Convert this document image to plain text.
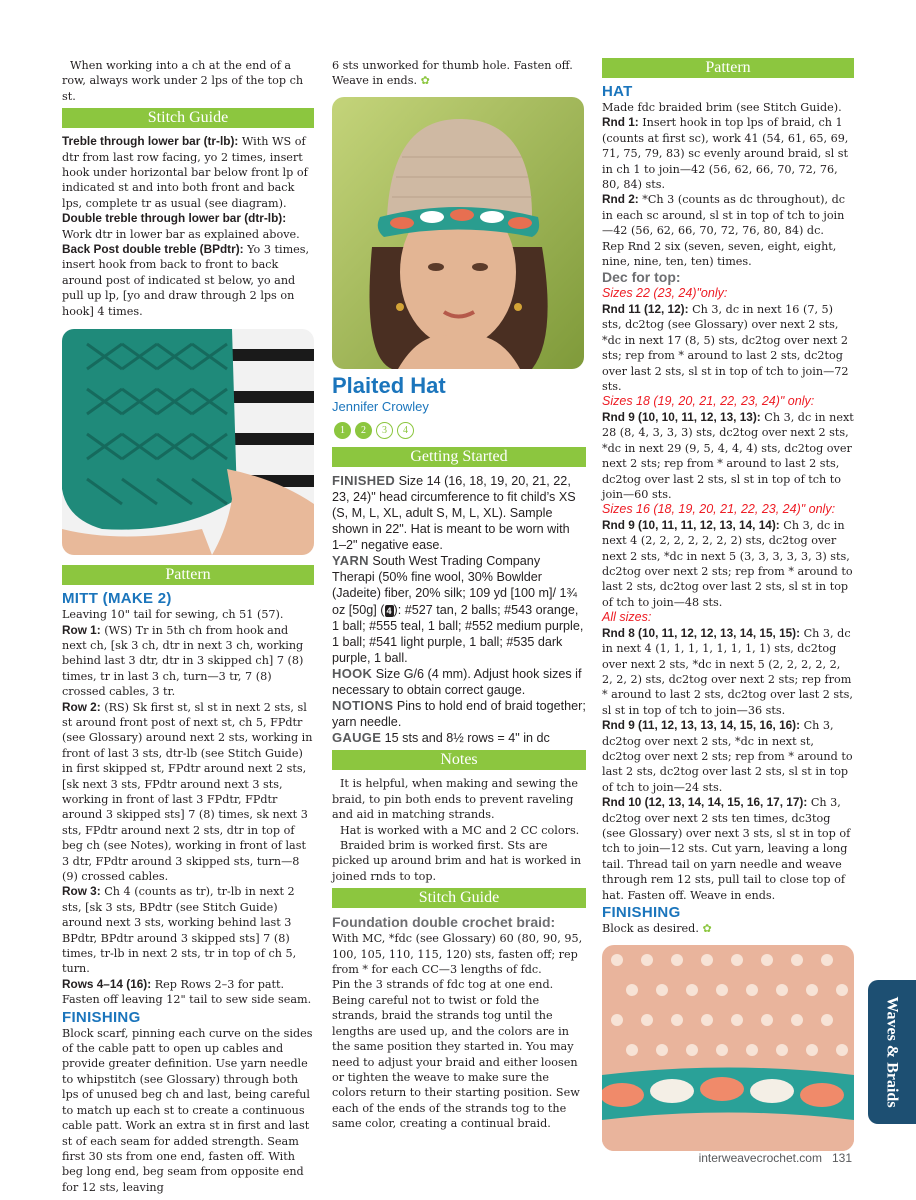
When working into a ch at the end of a row, always work under 2 lps of the top ch st.

Stitch Guide

Treble through lower bar (tr-lb): With WS of dtr from last row facing, yo 2 times, insert hook under horizontal bar below front lp of indicated st and into both front and back lps, complete tr as usual (see diagram).

Double treble through lower bar (dtr-lb): Work dtr in lower bar as explained above.

Back Post double treble (BPdtr): Yo 3 times, insert hook from back to front to back around post of indicated st below, yo and pull up lp, [yo and draw through 2 lps on hook] 4 times.

Pattern
MITT (MAKE 2)

Leaving 10" tail for sewing, ch 51 (57).

Row 1: (WS) Tr in 5th ch from hook and next ch, [sk 3 ch, dtr in next 3 ch, working behind last 3 dtr, dtr in 3 skipped ch] 7 (8) times, tr in last 3 ch, turn—3 tr, 7 (8) crossed cables, 3 tr.

Row 2: (RS) Sk first st, sl st in next 2 sts, sl st around front post of next st, ch 5, FPdtr (see Glossary) around next 2 sts, working in front of last 3 sts, dtr-lb (see Stitch Guide) in first skipped st, FPdtr around next 2 sts, [sk next 3 sts, FPdtr around next 3 sts, working in front of last 3 FPdtr, FPdtr around 3 skipped sts] 7 (8) times, sk next 3 sts, FPdtr around next 2 sts, dtr in top of beg ch (see Notes), working in front of last 3 dtr, FPdtr around 3 skipped sts, turn—8 (9) crossed cables.

Row 3: Ch 4 (counts as tr), tr-lb in next 2 sts, [sk 3 sts, BPdtr (see Stitch Guide) around next 3 sts, working behind last 3 BPdtr, BPdtr around 3 skipped sts] 7 (8) times, tr-lb in next 2 sts, tr in top of ch 5, turn.

Rows 4–14 (16): Rep Rows 2–3 for patt. Fasten off leaving 12" tail to sew side seam.

FINISHING

Block scarf, pinning each curve on the sides of the cable patt to open up cables and provide greater definition. Use yarn needle to whipstitch (see Glossary) through both lps of unused beg ch and last, being careful to match up each st to create a continuous cable patt. Work an extra st in first and last st of each seam for added strength. Seam first 30 sts from one end, fasten off. With beg long end, beg seam from opposite end for 12 sts, leaving

6 sts unworked for thumb hole. Fasten off. Weave in ends. ✿

Plaited Hat
Jennifer Crowley
1	2	3	4
Getting Started

FINISHED Size 14 (16, 18, 19, 20, 21, 22, 23, 24)" head circumference to fit child’s XS (S, M, L, XL, adult S, M, L, XL). Sample shown in 22". Hat is meant to be worn with 1–2" negative ease.

YARN South West Trading Company Therapi (50% fine wool, 30% Bowlder (Jadeite) fiber, 20% silk; 109 yd [100 m]/ 1¾ oz [50g] ( 4 ): #527 tan, 2 balls; #543 orange, 1 ball; #555 teal, 1 ball; #552 medium purple, 1 ball; #541 light purple, 1 ball; #535 dark purple, 1 ball.

HOOK Size G/6 (4 mm). Adjust hook sizes if necessary to obtain correct gauge.

NOTIONS Pins to hold end of braid together; yarn needle.

GAUGE 15 sts and 8½ rows = 4" in dc

Notes

It is helpful, when making and sewing the braid, to pin both ends to prevent raveling and aid in matching strands.

Hat is worked with a MC and 2 CC colors.

Braided brim is worked first. Sts are picked up around brim and hat is worked in joined rnds to top.

Stitch Guide
Foundation double crochet braid:

With MC, *fdc (see Glossary) 60 (80, 90, 95, 100, 105, 110, 115, 120) sts, fasten off; rep from * for each CC—3 lengths of fdc.

Pin the 3 strands of fdc tog at one end. Being careful not to twist or fold the strands, braid the strands tog until the lengths are used up, and the colors are in the same position they started in. You may need to adjust your braid and either loosen or tighten the weave to make sure the colors return to their starting position. Sew each of the ends of the strands tog to the same color, creating a continual braid.

Pattern
HAT

Made fdc braided brim (see Stitch Guide).

Rnd 1: Insert hook in top lps of braid, ch 1 (counts at first sc), work 41 (54, 61, 65, 69, 71, 75, 79, 83) sc evenly around braid, sl st in ch 1 to join—42 (56, 62, 66, 70, 72, 76, 80, 84) sts.

Rnd 2: *Ch 3 (counts as dc throughout), dc in each sc around, sl st in top of tch to join—42 (56, 62, 66, 70, 72, 76, 80, 84) dc.

Rep Rnd 2 six (seven, seven, eight, eight, nine, nine, ten, ten) times.

Dec for top:
Sizes 22 (23, 24)"only:

Rnd 11 (12, 12): Ch 3, dc in next 16 (7, 5) sts, dc2tog (see Glossary) over next 2 sts, *dc in next 17 (8, 5) sts, dc2tog over next 2 sts; rep from * around to last 2 sts, dc2tog over last 2 sts, sl st in top of tch to join—72 sts.

Sizes 18 (19, 20, 21, 22, 23, 24)" only:

Rnd 9 (10, 10, 11, 12, 13, 13): Ch 3, dc in next 28 (8, 4, 3, 3, 3) sts, dc2tog over next 2 sts, *dc in next 29 (9, 5, 4, 4, 4) sts, dc2tog over next 2 sts; rep from * around to last 2 sts, dc2tog over last 2 sts, sl st in top of tch to join—60 sts.

Sizes 16 (18, 19, 20, 21, 22, 23, 24)" only:

Rnd 9 (10, 11, 11, 12, 13, 14, 14): Ch 3, dc in next 4 (2, 2, 2, 2, 2, 2, 2) sts, dc2tog over next 2 sts, *dc in next 5 (3, 3, 3, 3, 3, 3) sts, dc2tog over next 2 sts; rep from * around to last 2 sts, dc2tog over last 2 sts, sl st in top of tch to join—48 sts.

All sizes:

Rnd 8 (10, 11, 12, 12, 13, 14, 15, 15): Ch 3, dc in next 4 (1, 1, 1, 1, 1, 1, 1, 1) sts, dc2tog over next 2 sts, *dc in next 5 (2, 2, 2, 2, 2, 2, 2, 2) sts, dc2tog over next 2 sts; rep from * around to last 2 sts, dc2tog over last 2 sts, sl st in top of tch to join—36 sts.

Rnd 9 (11, 12, 13, 13, 14, 15, 16, 16): Ch 3, dc2tog over next 2 sts, *dc in next st, dc2tog over next 2 sts; rep from * around to last 2 sts, dc2tog over last 2 sts, sl st in top of tch to join—24 sts.

Rnd 10 (12, 13, 14, 14, 15, 16, 17, 17): Ch 3, dc2tog over next 2 sts ten times, dc3tog (see Glossary) over next 3 sts, sl st in top of tch to join—12 sts. Cut yarn, leaving a long tail. Thread tail on yarn needle and weave through rem 12 sts, pull tail to close top of hat. Fasten off. Weave in ends.

FINISHING

Block as desired. ✿

Waves & Braids
interweavecrochet.com 131
